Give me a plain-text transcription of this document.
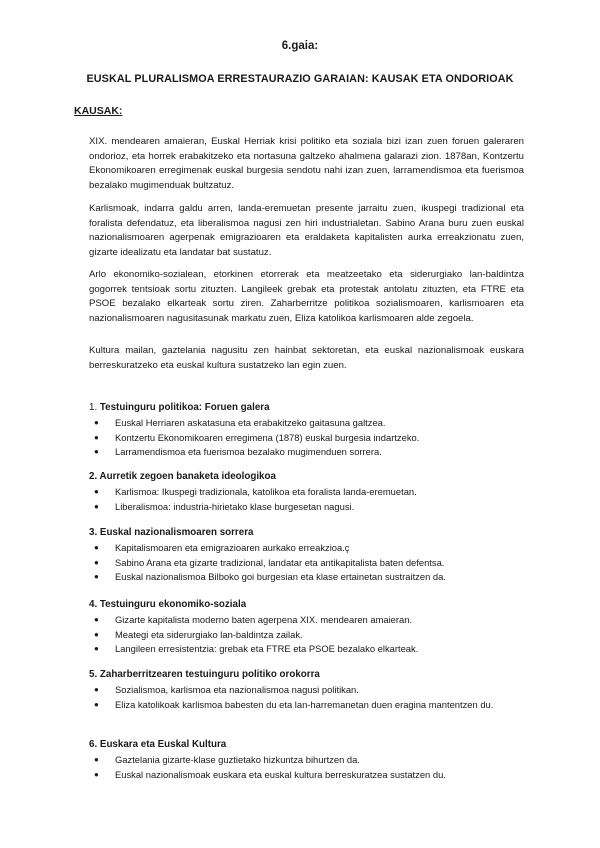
6.gaia:
EUSKAL PLURALISMOA ERRESTAURAZIO GARAIAN: KAUSAK ETA ONDORIOAK
KAUSAK:

XIX. mendearen amaieran, Euskal Herriak krisi politiko eta soziala bizi izan zuen foruen galeraren ondorioz, eta horrek erabakitzeko eta nortasuna galtzeko ahalmena galarazi zion. 1878an, Kontzertu Ekonomikoaren erregimenak euskal burgesia sendotu nahi izan zuen, larramendismoa eta fuerismoa bezalako mugimenduak bultzatuz.

Karlismoak, indarra galdu arren, landa-eremuetan presente jarraitu zuen, ikuspegi tradizional eta foralista defendatuz, eta liberalismoa nagusi zen hiri industrialetan. Sabino Arana buru zuen euskal nazionalismoaren agerpenak emigrazioaren eta eraldaketa kapitalisten aurka erreakzionatu zuen, gizarte idealizatu eta landatar bat sustatuz.

Arlo ekonomiko-sozialean, etorkinen etorrerak eta meatzeetako eta siderurgiako lan-baldintza gogorrek tentsioak sortu zituzten. Langileek grebak eta protestak antolatu zituzten, eta FTRE eta PSOE bezalako elkarteak sortu ziren. Zaharberritze politikoa sozialismoaren, karlismoaren eta nazionalismoaren nagusitasunak markatu zuen, Eliza katolikoa karlismoaren alde zegoela.

Kultura mailan, gaztelania nagusitu zen hainbat sektoretan, eta euskal nazionalismoak euskara berreskuratzeko eta euskal kultura sustatzeko lan egin zuen.

1. Testuinguru politikoa: Foruen galera
● Euskal Herriaren askatasuna eta erabakitzeko gaitasuna galtzea.
● Kontzertu Ekonomikoaren erregimena (1878) euskal burgesia indartzeko.
● Larramendismoa eta fuerismoa bezalako mugimenduen sorrera.
2. Aurretik zegoen banaketa ideologikoa
● Karlismoa: Ikuspegi tradizionala, katolikoa eta foralista landa-eremuetan.
● Liberalismoa: industria-hirietako klase burgesetan nagusi.
3. Euskal nazionalismoaren sorrera
● Kapitalismoaren eta emigrazioaren aurkako erreakzioa.ç
● Sabino Arana eta gizarte tradizional, landatar eta antikapitalista baten defentsa.
● Euskal nazionalismoa Bilboko goi burgesian eta klase ertainetan sustraitzen da.
4. Testuinguru ekonomiko-soziala
● Gizarte kapitalista moderno baten agerpena XIX. mendearen amaieran.
● Meategi eta siderurgiako lan-baldintza zailak.
● Langileen erresistentzia: grebak eta FTRE eta PSOE bezalako elkarteak.
5. Zaharberritzearen testuinguru politiko orokorra
● Sozialismoa, karlismoa eta nazionalismoa nagusi politikan.
● Eliza katolikoak karlismoa babesten du eta lan-harremanetan duen eragina mantentzen du.
6. Euskara eta Euskal Kultura
● Gaztelania gizarte-klase guztietako hizkuntza bihurtzen da.
● Euskal nazionalismoak euskara eta euskal kultura berreskuratzea sustatzen du.
